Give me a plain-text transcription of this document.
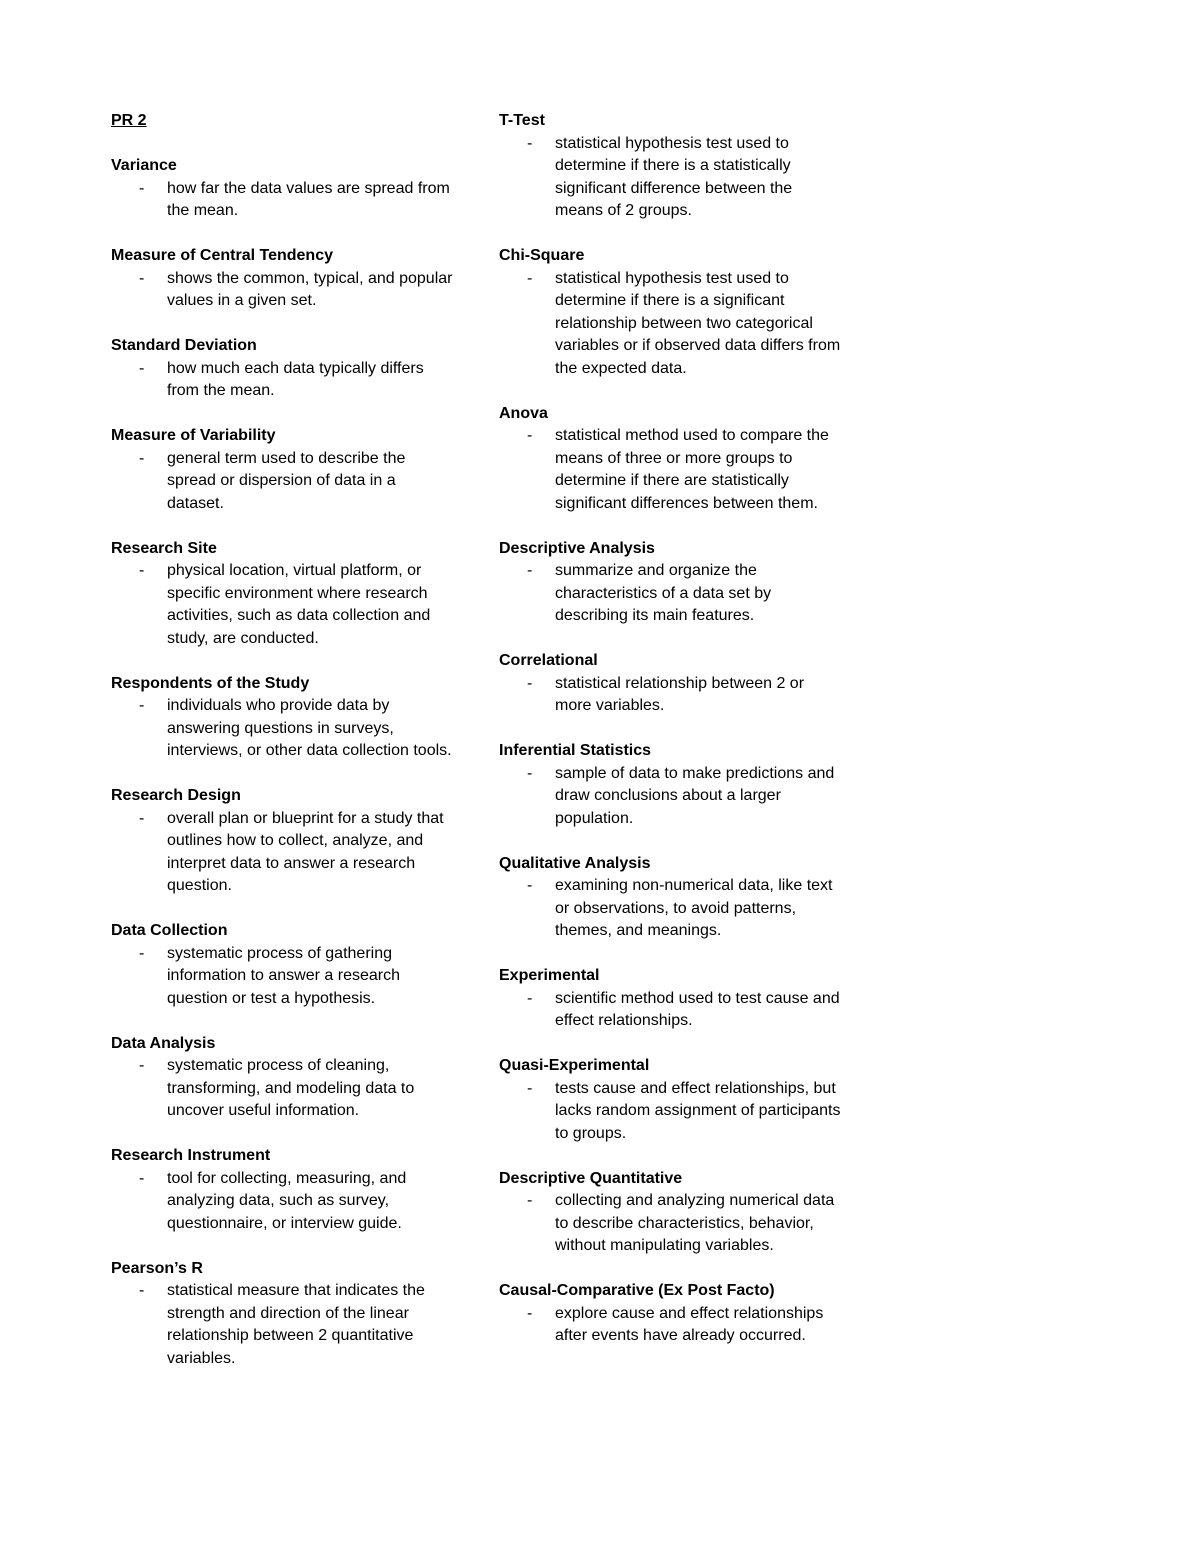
PR 2
Variance
- how far the data values are spread from the mean.
Measure of Central Tendency
- shows the common, typical, and popular values in a given set.
Standard Deviation
- how much each data typically differs from the mean.
Measure of Variability
- general term used to describe the spread or dispersion of data in a dataset.
Research Site
- physical location, virtual platform, or specific environment where research activities, such as data collection and study, are conducted.
Respondents of the Study
- individuals who provide data by answering questions in surveys, interviews, or other data collection tools.
Research Design
- overall plan or blueprint for a study that outlines how to collect, analyze, and interpret data to answer a research question.
Data Collection
- systematic process of gathering information to answer a research question or test a hypothesis.
Data Analysis
- systematic process of cleaning, transforming, and modeling data to uncover useful information.
Research Instrument
- tool for collecting, measuring, and analyzing data, such as survey, questionnaire, or interview guide.
Pearson’s R
- statistical measure that indicates the strength and direction of the linear relationship between 2 quantitative variables.
T-Test
- statistical hypothesis test used to determine if there is a statistically significant difference between the means of 2 groups.
Chi-Square
- statistical hypothesis test used to determine if there is a significant relationship between two categorical variables or if observed data differs from the expected data.
Anova
- statistical method used to compare the means of three or more groups to determine if there are statistically significant differences between them.
Descriptive Analysis
- summarize and organize the characteristics of a data set by describing its main features.
Correlational
- statistical relationship between 2 or more variables.
Inferential Statistics
- sample of data to make predictions and draw conclusions about a larger population.
Qualitative Analysis
- examining non-numerical data, like text or observations, to avoid patterns, themes, and meanings.
Experimental
- scientific method used to test cause and effect relationships.
Quasi-Experimental
- tests cause and effect relationships, but lacks random assignment of participants to groups.
Descriptive Quantitative
- collecting and analyzing numerical data to describe characteristics, behavior, without manipulating variables.
Causal-Comparative (Ex Post Facto)
- explore cause and effect relationships after events have already occurred.
